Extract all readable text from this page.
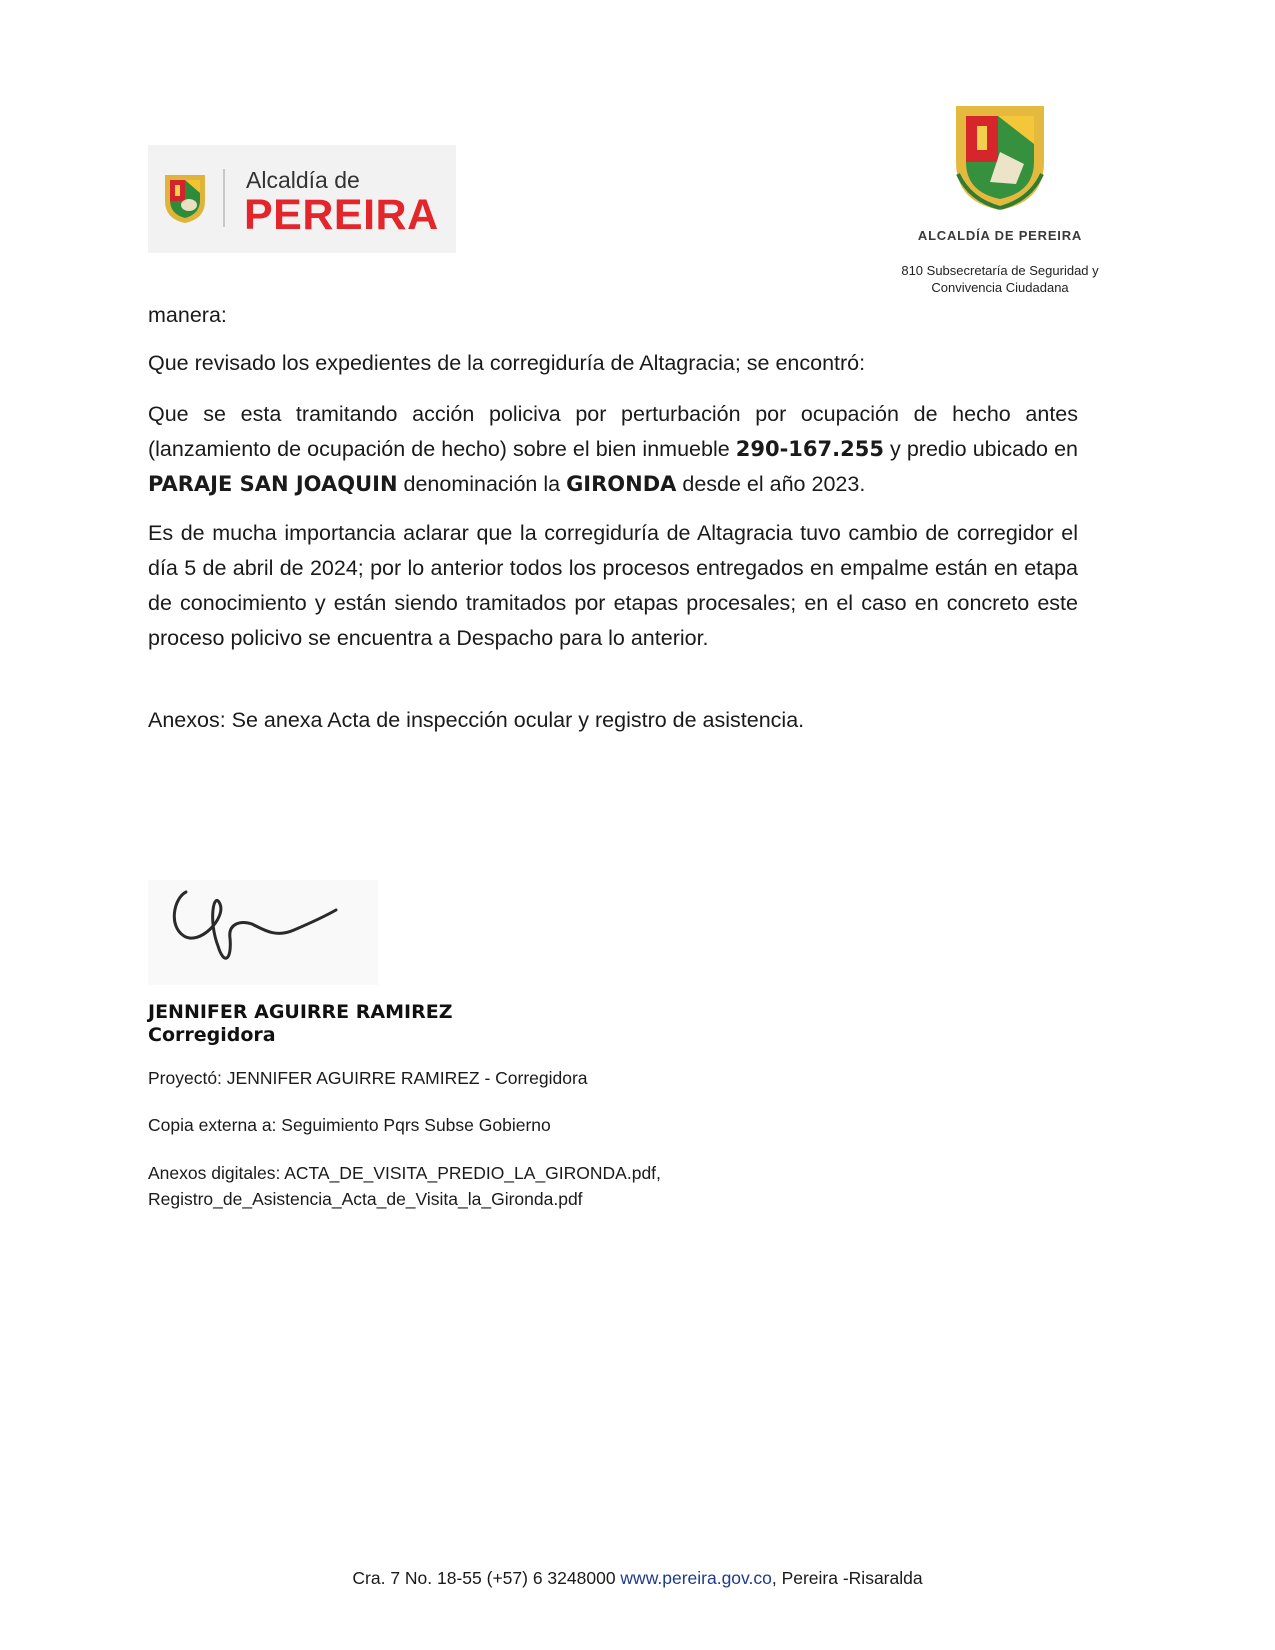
Alcaldía de
PEREIRA	ALCALDÍA DE PEREIRA
810 Subsecretaría de Seguridad y
Convivencia Ciudadana
manera:
Que revisado los expedientes de la corregiduría de Altagracia; se encontró:
Que se esta tramitando acción policiva por perturbación por ocupación de hecho antes (lanzamiento de ocupación de hecho) sobre el bien inmueble 290-167.255 y predio ubicado en PARAJE SAN JOAQUIN denominación la GIRONDA desde el año 2023.
Es de mucha importancia aclarar que la corregiduría de Altagracia tuvo cambio de corregidor el día 5 de abril de 2024; por lo anterior todos los procesos entregados en empalme están en etapa de conocimiento y están siendo tramitados por etapas procesales; en el caso en concreto este proceso policivo se encuentra a Despacho para lo anterior.
Anexos: Se anexa Acta de inspección ocular y registro de asistencia.
JENNIFER AGUIRRE RAMIREZ
Corregidora
Proyectó: JENNIFER AGUIRRE RAMIREZ - Corregidora
Copia externa a: Seguimiento Pqrs Subse Gobierno
Anexos digitales: ACTA_DE_VISITA_PREDIO_LA_GIRONDA.pdf,
Registro_de_Asistencia_Acta_de_Visita_la_Gironda.pdf
Cra. 7 No. 18-55 (+57) 6 3248000 www.pereira.gov.co, Pereira -Risaralda
